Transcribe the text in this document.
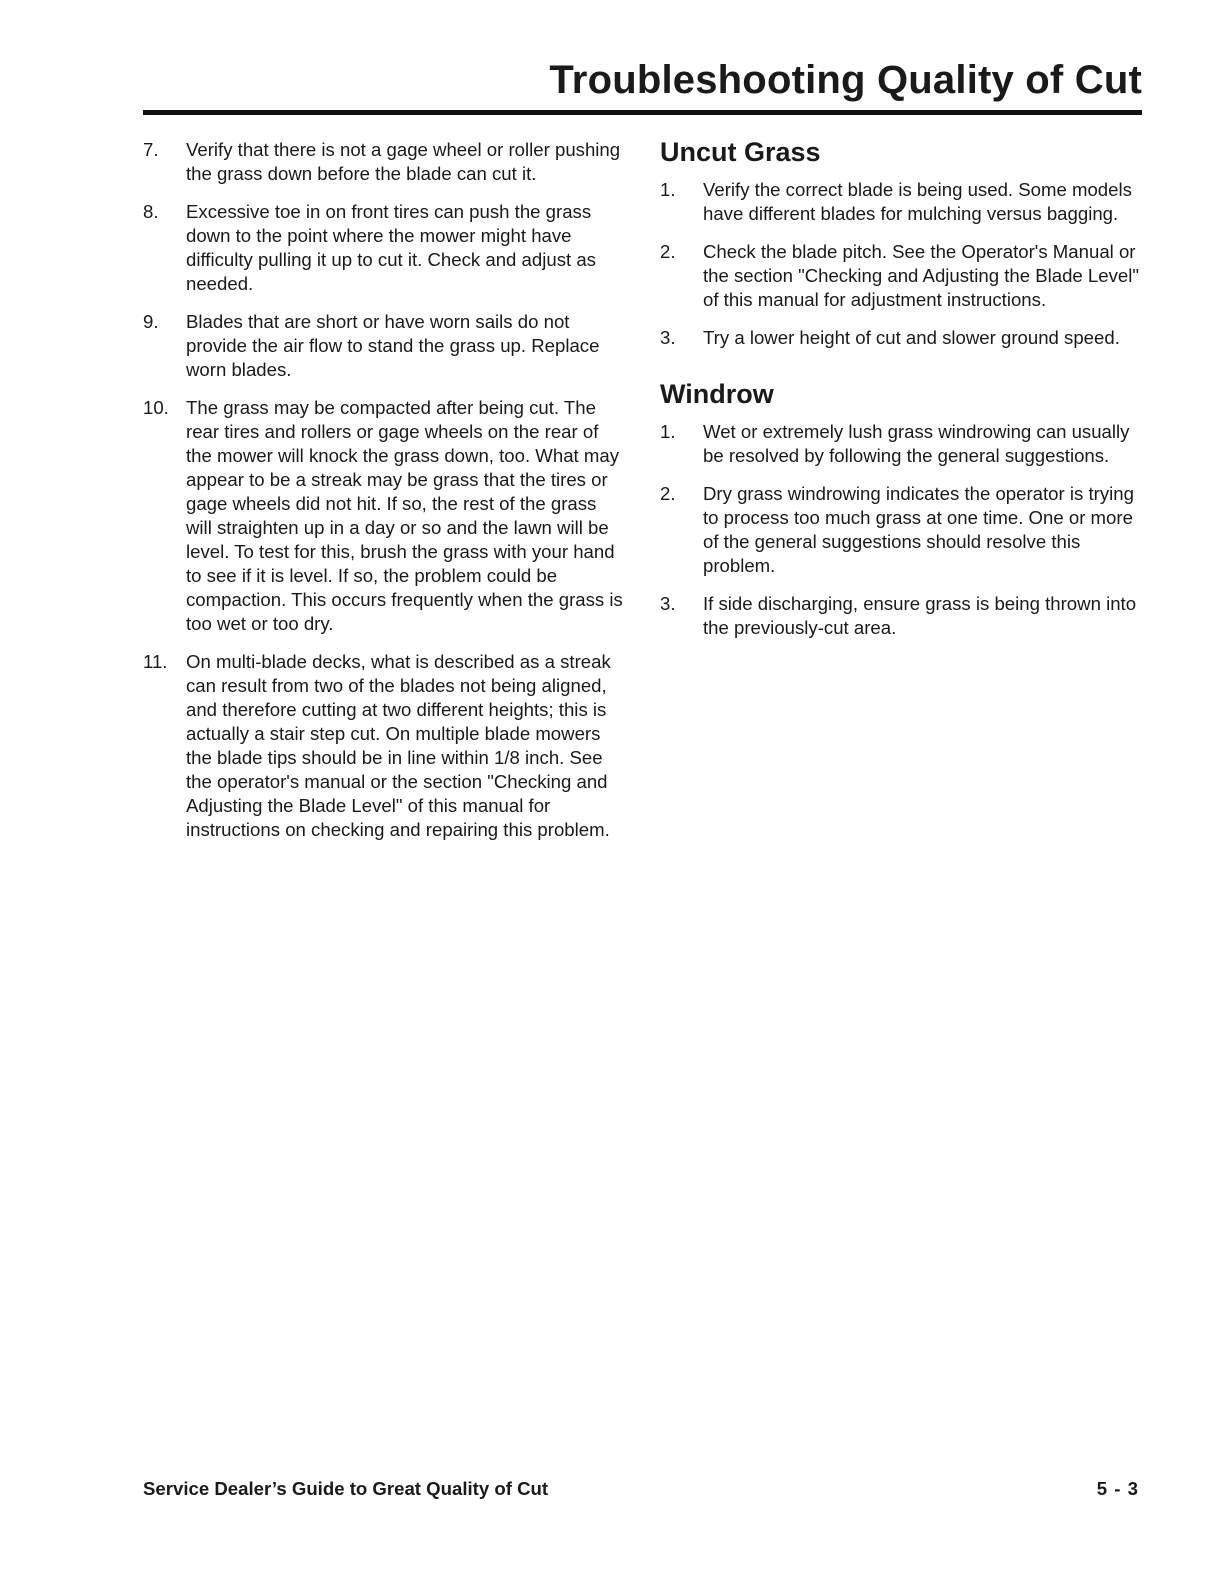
Troubleshooting Quality of Cut
7.	Verify that there is not a gage wheel or roller pushing the grass down before the blade can cut it.
8.	Excessive toe in on front tires can push the grass down to the point where the mower might have difficulty pulling it up to cut it. Check and adjust as needed.
9.	Blades that are short or have worn sails do not provide the air flow to stand the grass up. Replace worn blades.
10. The grass may be compacted after being cut. The rear tires and rollers or gage wheels on the rear of the mower will knock the grass down, too. What may appear to be a streak may be grass that the tires or gage wheels did not hit. If so, the rest of the grass will straighten up in a day or so and the lawn will be level. To test for this, brush the grass with your hand to see if it is level. If so, the problem could be compaction. This occurs frequently when the grass is too wet or too dry.
11. On multi-blade decks, what is described as a streak can result from two of the blades not being aligned, and therefore cutting at two different heights; this is actually a stair step cut. On multiple blade mowers the blade tips should be in line within 1/8 inch. See the operator's manual or the section "Checking and Adjusting the Blade Level" of this manual for instructions on checking and repairing this problem.
Uncut Grass
1.	Verify the correct blade is being used. Some models have different blades for mulching versus bagging.
2.	Check the blade pitch. See the Operator's Manual or the section "Checking and Adjusting the Blade Level" of this manual for adjustment instructions.
3.	Try a lower height of cut and slower ground speed.
Windrow
1.	Wet or extremely lush grass windrowing can usually be resolved by following the general suggestions.
2.	Dry grass windrowing indicates the operator is trying to process too much grass at one time. One or more of the general suggestions should resolve this problem.
3.	If side discharging, ensure grass is being thrown into the previously-cut area.
Service Dealer’s Guide to Great Quality of Cut	5 - 3
